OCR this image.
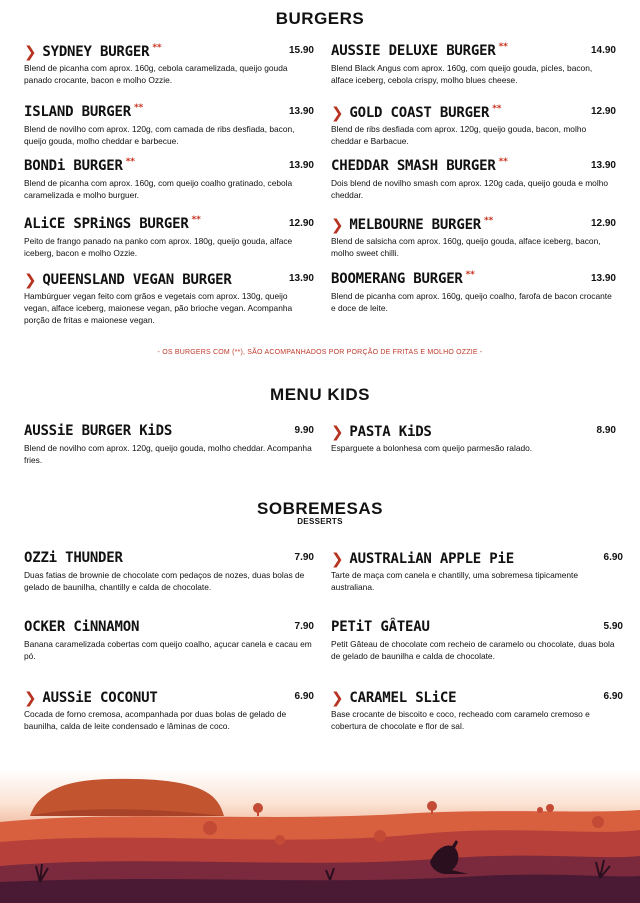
BURGERS
❯ SYDNEY BURGER **	15.90
Blend de picanha com aprox. 160g, cebola caramelizada, queijo gouda panado crocante, bacon e molho Ozzie.
ISLAND BURGER **	13.90
Blend de novilho com aprox. 120g, com camada de ribs desfiada, bacon, queijo gouda, molho cheddar e barbecue.
BONDi BURGER **	13.90
Blend de picanha com aprox. 160g, com queijo coalho gratinado, cebola caramelizada e molho burguer.
ALiCE SPRiNGS BURGER **	12.90
Peito de frango panado na panko com aprox. 180g, queijo gouda, alface iceberg, bacon e molho Ozzie.
❯ QUEENSLAND VEGAN BURGER	13.90
Hambúrguer vegan feito com grãos e vegetais com aprox. 130g, queijo vegan, alface iceberg, maionese vegan, pão brioche vegan. Acompanha porção de fritas e maionese vegan.
AUSSIE DELUXE BURGER **	14.90
Blend Black Angus com aprox. 160g, com queijo gouda, picles, bacon, alface iceberg, cebola crispy, molho blues cheese.
❯ GOLD COAST BURGER **	12.90
Blend de ribs desfiada com aprox. 120g, queijo gouda, bacon, molho cheddar e Barbacue.
CHEDDAR SMASH BURGER **	13.90
Dois blend de novilho smash com aprox. 120g cada, queijo gouda e molho cheddar.
❯ MELBOURNE BURGER **	12.90
Blend de salsicha com aprox. 160g, queijo gouda, alface iceberg, bacon, molho sweet chilli.
BOOMERANG BURGER **	13.90
Blend de picanha com aprox. 160g, queijo coalho, farofa de bacon crocante e doce de leite.
- OS BURGERS COM (**), SÃO ACOMPANHADOS POR PORÇÃO DE FRITAS E MOLHO OZZIE -
MENU KIDS
AUSSiE BURGER KiDS	9.90
Blend de novilho com aprox. 120g, queijo gouda, molho cheddar. Acompanha fries.
❯ PASTA KiDS	8.90
Esparguete a bolonhesa com queijo parmesão ralado.
SOBREMESAS
DESSERTS
OZZi THUNDER	7.90
Duas fatias de brownie de chocolate com pedaços de nozes, duas bolas de gelado de baunilha, chantilly e calda de chocolate.
❯ AUSTRALiAN APPLE PiE	6.90
Tarte de maça com canela e chantilly, uma sobremesa tipicamente australiana.
OCKER CiNNAMON	7.90
Banana caramelizada cobertas com queijo coalho, açucar canela e cacau em pó.
PETiT GÂTEAU	5.90
Petit Gâteau de chocolate com recheio de caramelo ou chocolate, duas bola de gelado de baunilha e calda de chocolate.
❯ AUSSiE COCONUT	6.90
Cocada de forno cremosa, acompanhada por duas bolas de gelado de baunilha, calda de leite condensado e lâminas de coco.
❯ CARAMEL SLiCE	6.90
Base crocante de biscoito e coco, recheado com caramelo cremoso e cobertura de chocolate e flor de sal.
